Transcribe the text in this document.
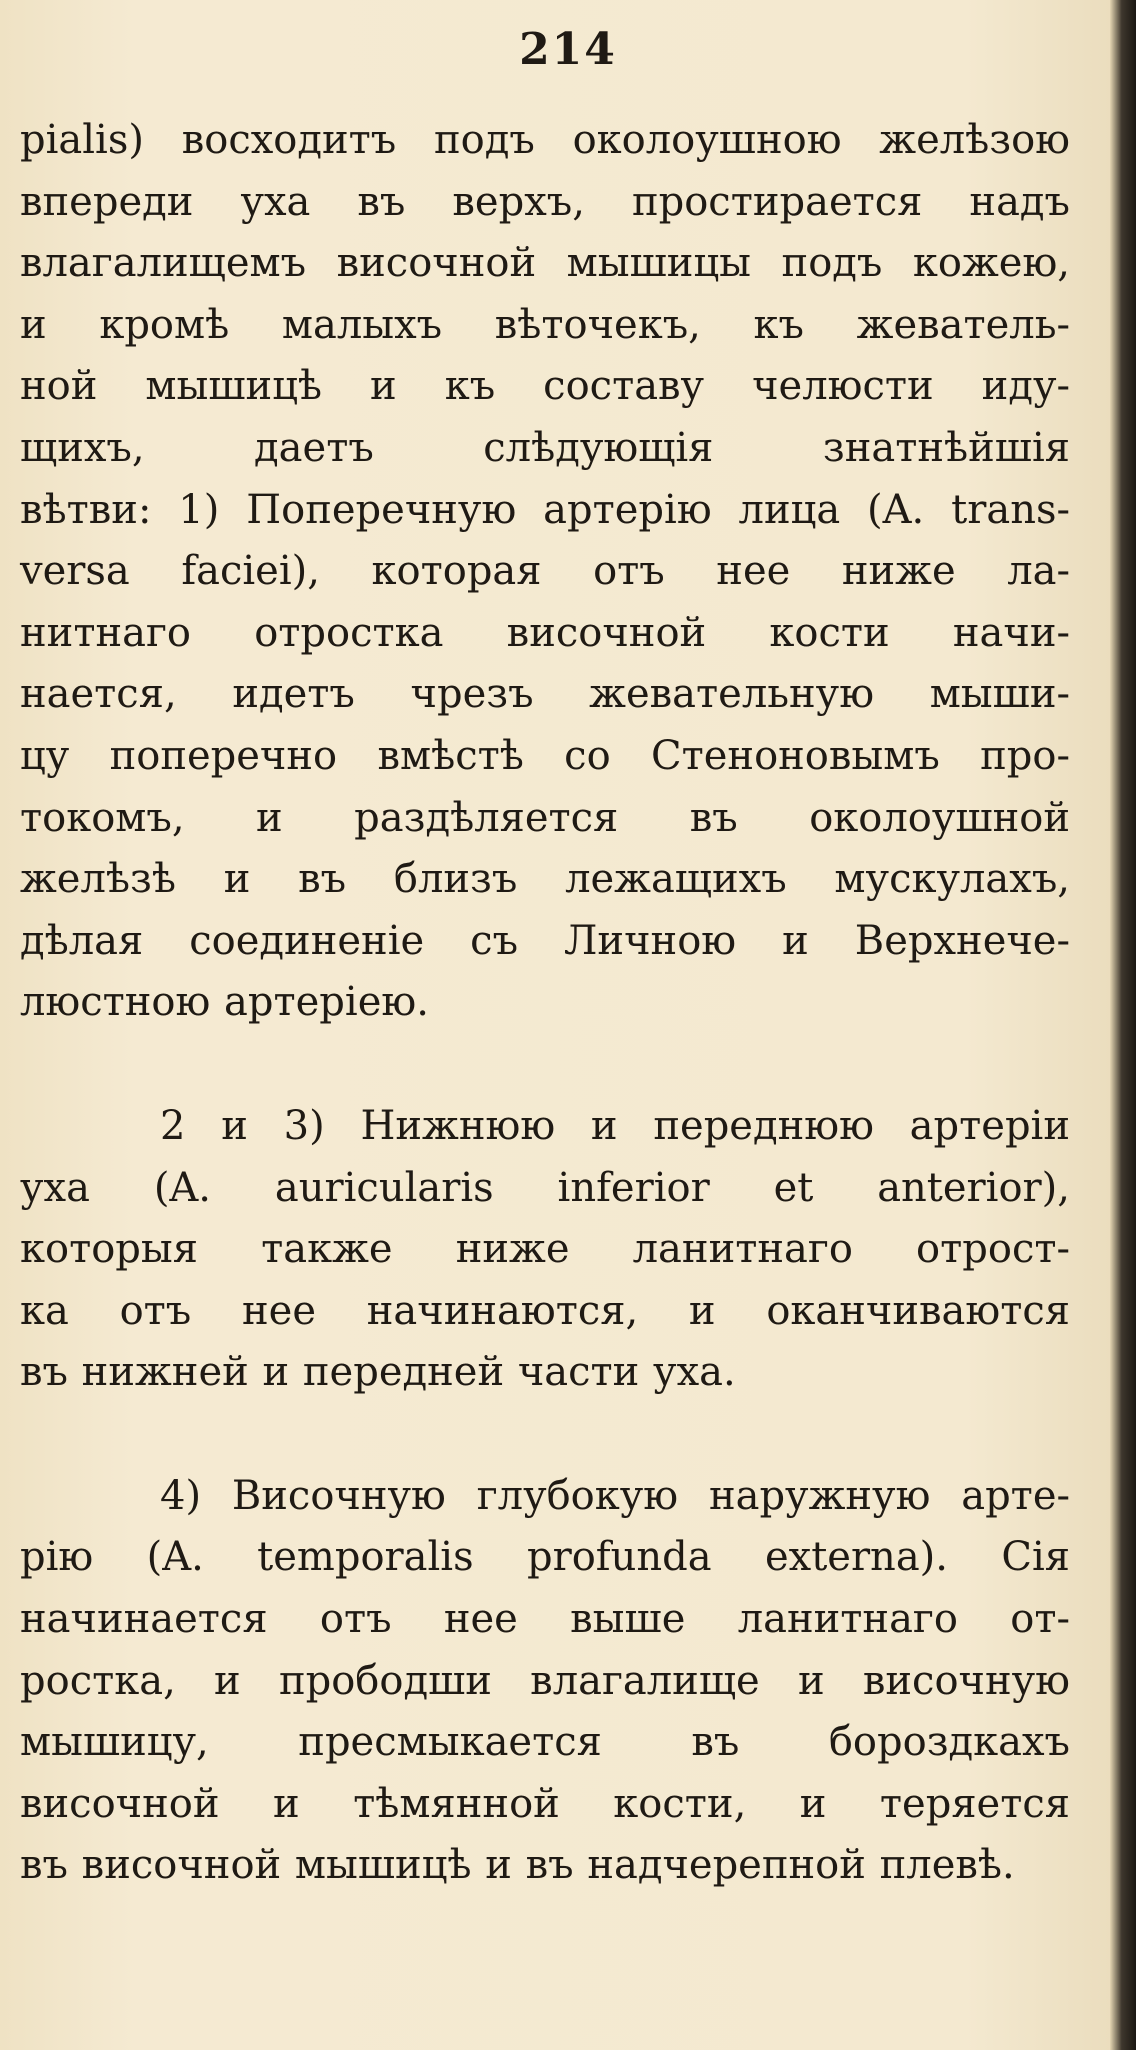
214
ріаlіs) восходитъ подъ околоушною желѣзою
впереди уха въ верхъ, простирается надъ
влагалищемъ височной мышицы подъ кожею,
и кромѣ малыхъ вѣточекъ, къ жеватель-
ной мышицѣ и къ составу челюсти иду-
щихъ, даетъ слѣдующія знатнѣйшія
вѣтви: 1) Поперечную артерію лица (A. trans-
versa faciei), которая отъ нее ниже ла-
нитнаго отростка височной кости начи-
нается, идетъ чрезъ жевательную мыши-
цу поперечно вмѣстѣ со Стеноновымъ про-
токомъ, и раздѣляется въ околоушной
желѣзѣ и въ близъ лежащихъ мускулахъ,
дѣлая соединеніе съ Личною и Верхнече-
люстною артеріею.
2 и 3) Нижнюю и переднюю артеріи
уха (A. auricularis inferior et anterior),
которыя также ниже ланитнаго отрост-
ка отъ нее начинаются, и оканчиваются
въ нижней и передней части уха.
4) Височную глубокую наружную арте-
рію (A. temporalis profunda externa). Сія
начинается отъ нее выше ланитнаго от-
ростка, и прободши влагалище и височную
мышицу, пресмыкается въ бороздкахъ
височной и тѣмянной кости, и теряется
въ височной мышицѣ и въ надчерепной плевѣ.
